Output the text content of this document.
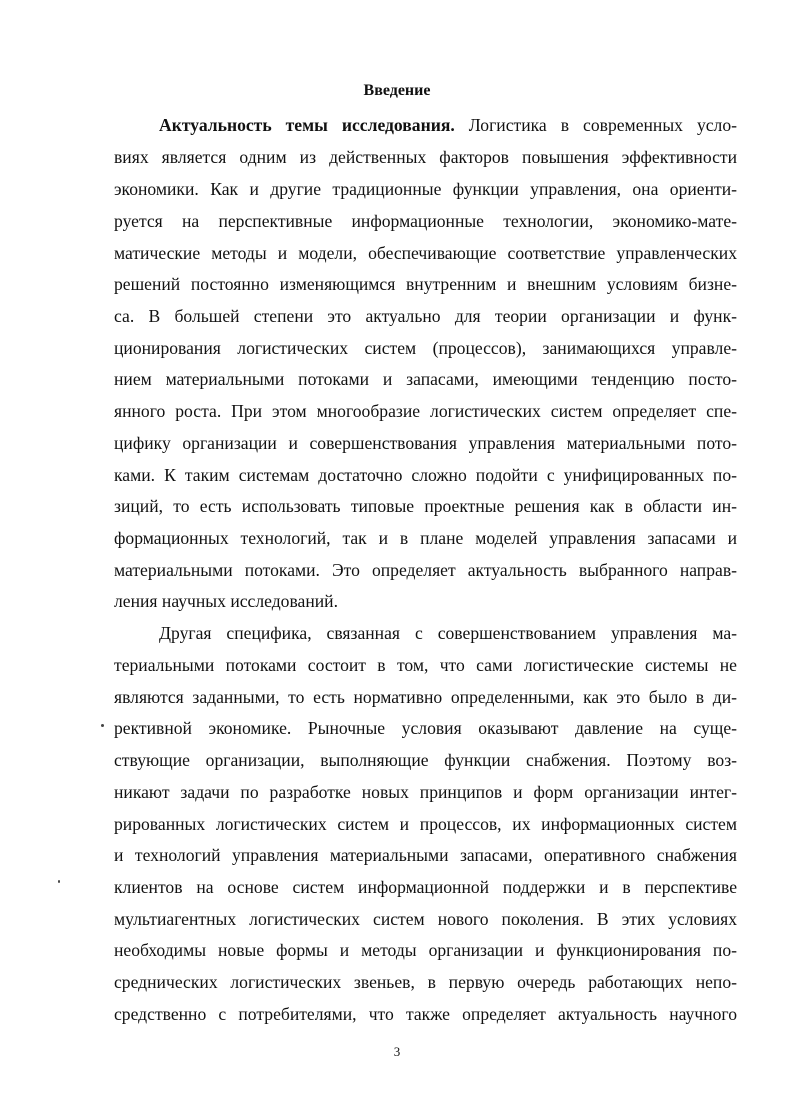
Введение
Актуальность темы исследования. Логистика в современных усло-
виях является одним из действенных факторов повышения эффективности
экономики. Как и другие традиционные функции управления, она ориенти-
руется на перспективные информационные технологии, экономико-мате-
матические методы и модели, обеспечивающие соответствие управленческих
решений постоянно изменяющимся внутренним и внешним условиям бизне-
са. В большей степени это актуально для теории организации и функ-
ционирования логистических систем (процессов), занимающихся управле-
нием материальными потоками и запасами, имеющими тенденцию посто-
янного роста. При этом многообразие логистических систем определяет спе-
цифику организации и совершенствования управления материальными пото-
ками. К таким системам достаточно сложно подойти с унифицированных по-
зиций, то есть использовать типовые проектные решения как в области ин-
формационных технологий, так и в плане моделей управления запасами и
материальными потоками. Это определяет актуальность выбранного направ-
ления научных исследований.
Другая специфика, связанная с совершенствованием управления ма-
териальными потоками состоит в том, что сами логистические системы не
являются заданными, то есть нормативно определенными, как это было в ди-
рективной экономике. Рыночные условия оказывают давление на суще-
ствующие организации, выполняющие функции снабжения. Поэтому воз-
никают задачи по разработке новых принципов и форм организации интег-
рированных логистических систем и процессов, их информационных систем
и технологий управления материальными запасами, оперативного снабжения
клиентов на основе систем информационной поддержки и в перспективе
мультиагентных логистических систем нового поколения. В этих условиях
необходимы новые формы и методы организации и функционирования по-
среднических логистических звеньев, в первую очередь работающих непо-
средственно с потребителями, что также определяет актуальность научного
3
